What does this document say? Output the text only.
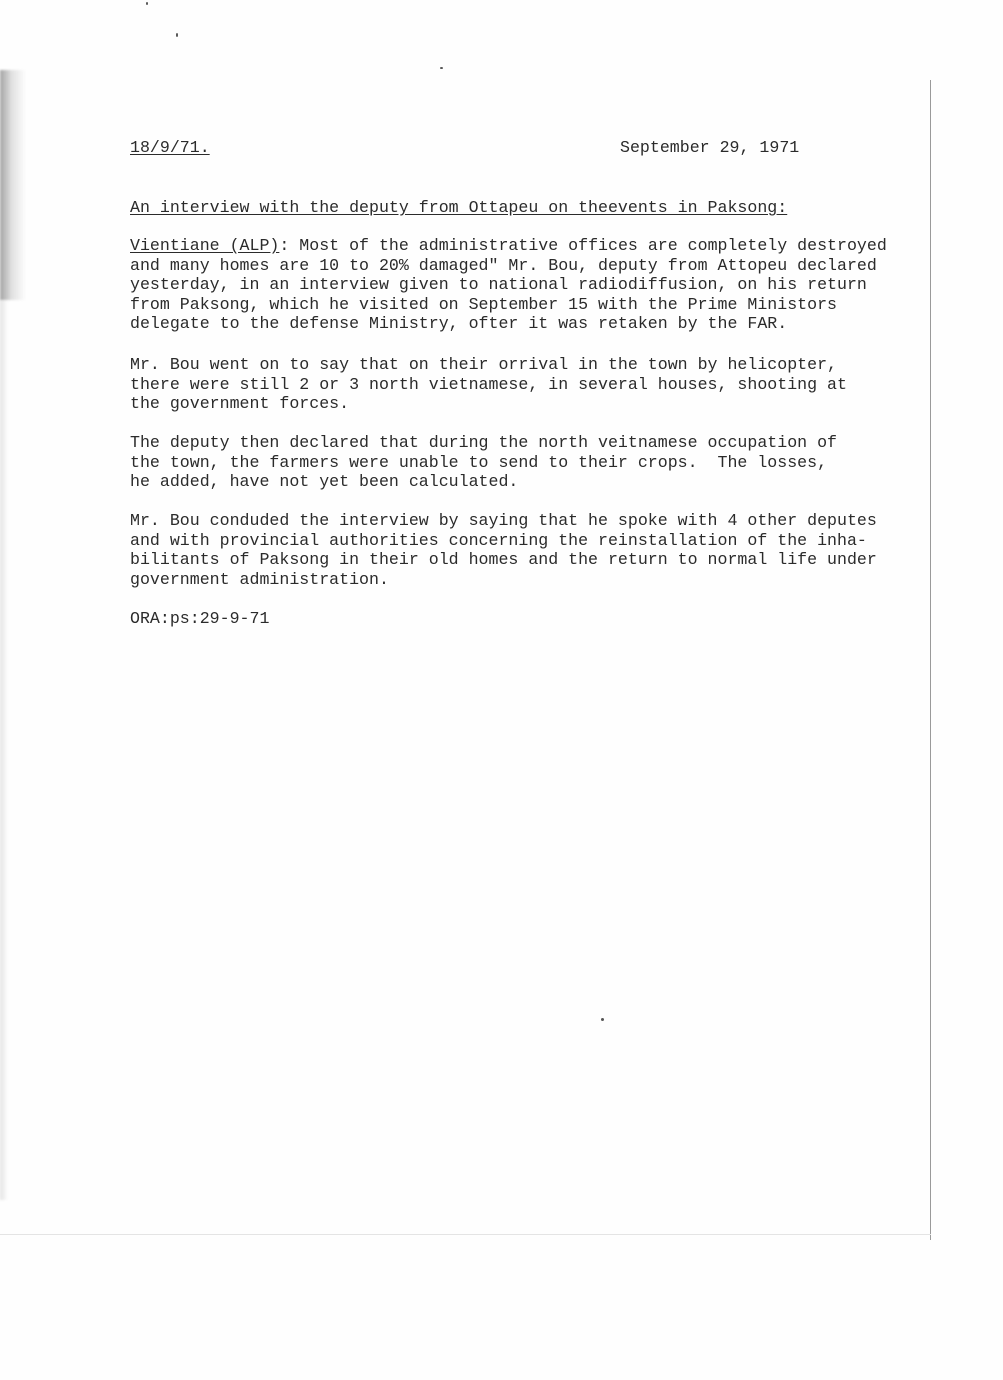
18/9/71.	September 29, 1971
An interview with the deputy from Ottapeu on theevents in Paksong:
Vientiane (ALP): Most of the administrative offices are completely destroyed
and many homes are 10 to 20% damaged" Mr. Bou, deputy from Attopeu declared
yesterday, in an interview given to national radiodiffusion, on his return
from Paksong, which he visited on September 15 with the Prime Ministors
delegate to the defense Ministry, ofter it was retaken by the FAR.
Mr. Bou went on to say that on their orrival in the town by helicopter,
there were still 2 or 3 north vietnamese, in several houses, shooting at
the government forces.
The deputy then declared that during the north veitnamese occupation of
the town, the farmers were unable to send to their crops.  The losses,
he added, have not yet been calculated.
Mr. Bou conduded the interview by saying that he spoke with 4 other deputes
and with provincial authorities concerning the reinstallation of the inha-
bilitants of Paksong in their old homes and the return to normal life under
government administration.
ORA:ps:29-9-71
